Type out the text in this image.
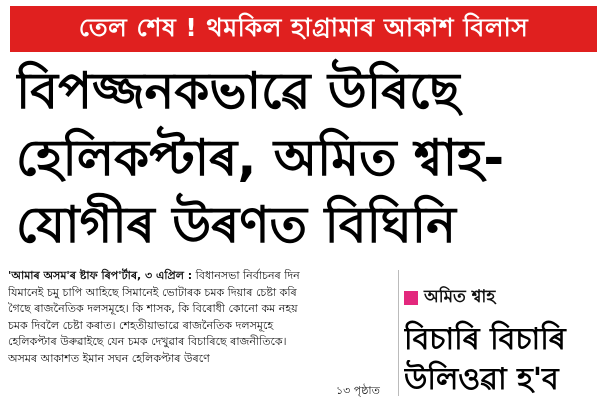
তেল শেষ ! থমকিল হাগ্ৰামাৰ আকাশ বিলাস
বিপজ্জনকভাৱে উৰিছে
হেলিকপ্টাৰ, অমিত শ্বাহ-
যোগীৰ উৰণত বিঘিনি
'আমাৰ অসম'ৰ ষ্টাফ ৰিপ'ৰ্টাৰ, ৩ এপ্ৰিল : বিধানসভা নিৰ্বাচনৰ দিন
যিমানেই চমু চাপি আহিছে সিমানেই ভোটাৰক চমক দিয়াৰ চেষ্টা কৰি
গৈছে ৰাজনৈতিক দলসমূহে। কি শাসক, কি বিৰোধী কোনো কম নহয়
চমক দিবলৈ চেষ্টা কৰাত। শেহতীয়াভাৱে ৰাজনৈতিক দলসমূহে
হেলিকপ্টাৰ উৰুৱাইছে যেন চমক দেখুৱাৰ বিচাৰিছে ৰাজনীতিকে।
অসমৰ আকাশত ইমান সঘন হেলিকপ্টাৰ উৰণে
১৩ পৃষ্ঠাত
অমিত শ্বাহ
বিচাৰি বিচাৰি
উলিওৱা হ'ব
